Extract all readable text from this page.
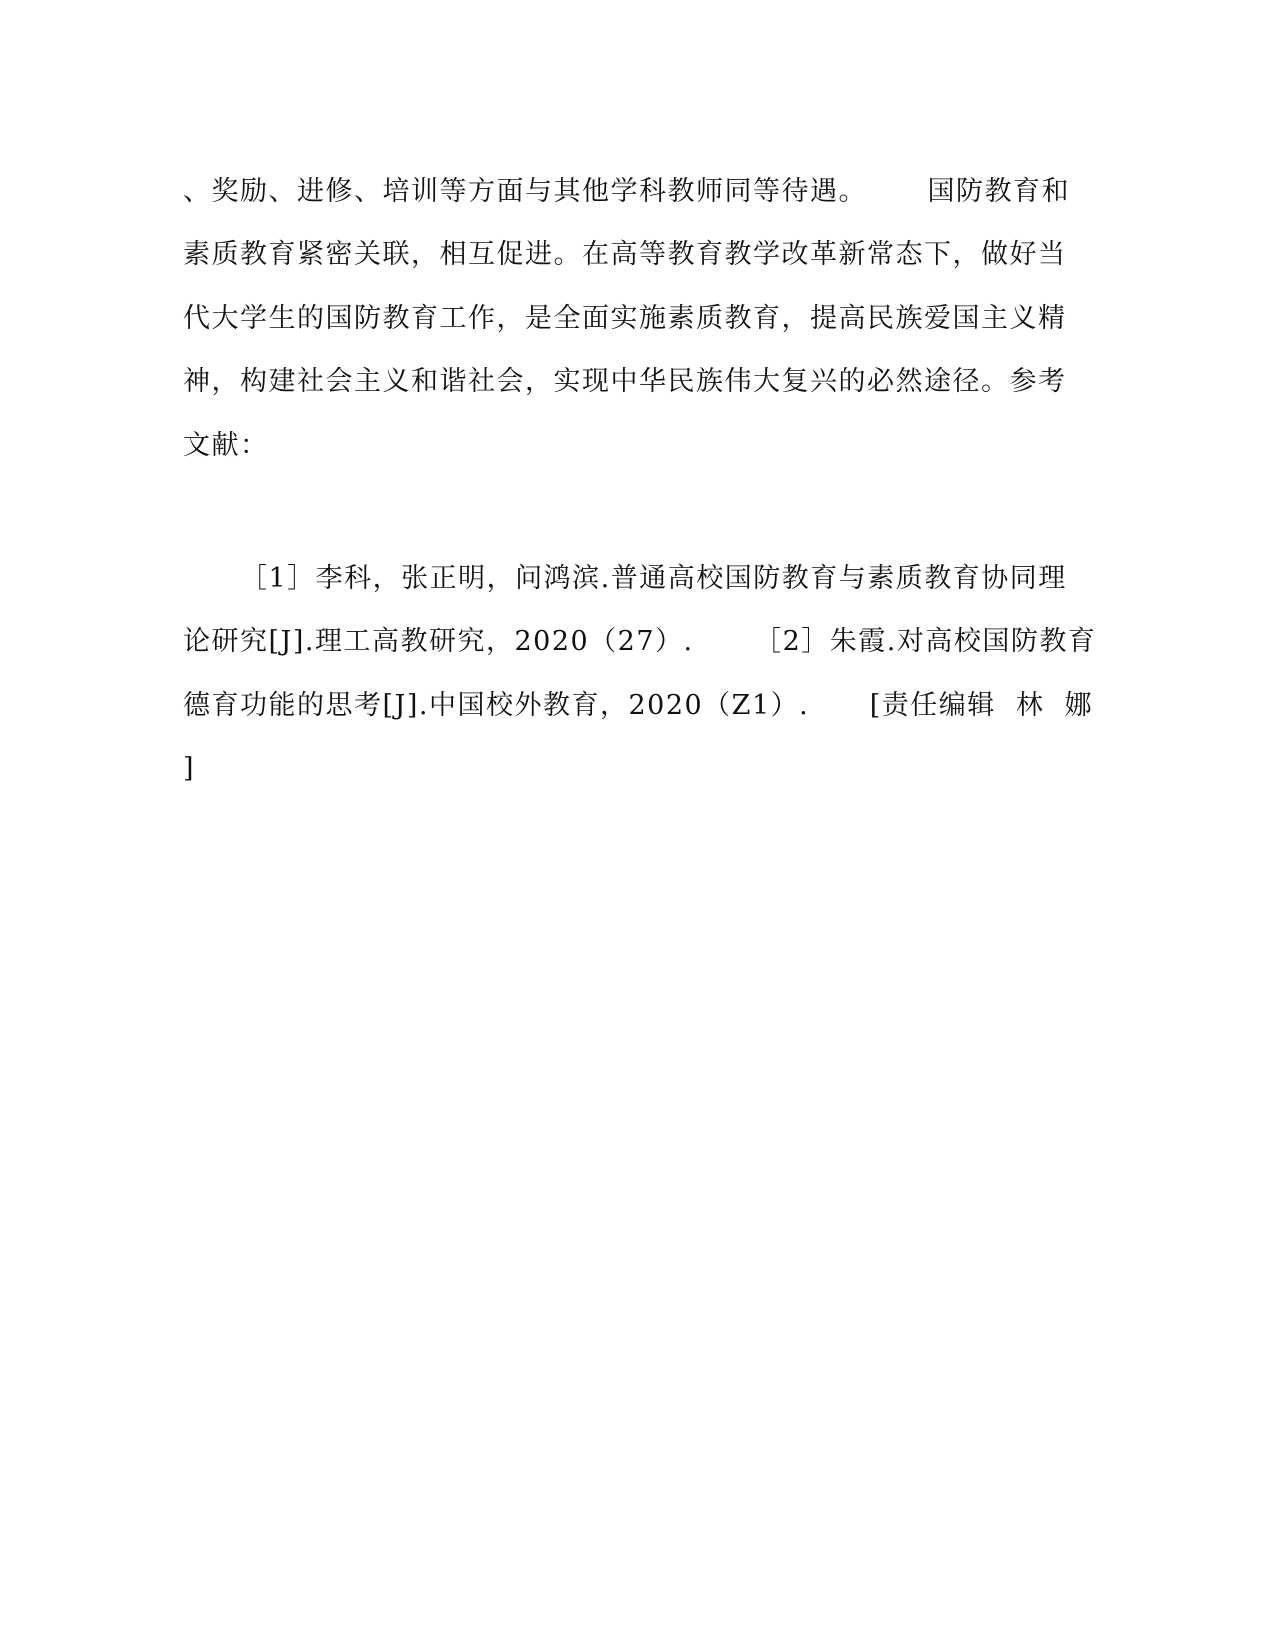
、奖励、进修、培训等方面与其他学科教师同等待遇。      国防教育和
素质教育紧密关联，相互促进。在高等教育教学改革新常态下，做好当
代大学生的国防教育工作，是全面实施素质教育，提高民族爱国主义精
神，构建社会主义和谐社会，实现中华民族伟大复兴的必然途径。参考
文献：
［1］李科，张正明，问鸿滨.普通高校国防教育与素质教育协同理
论研究[J].理工高教研究，2020（27）.      ［2］朱霞.对高校国防教育
德育功能的思考[J].中国校外教育，2020（Z1）.      [责任编辑  林  娜
]
